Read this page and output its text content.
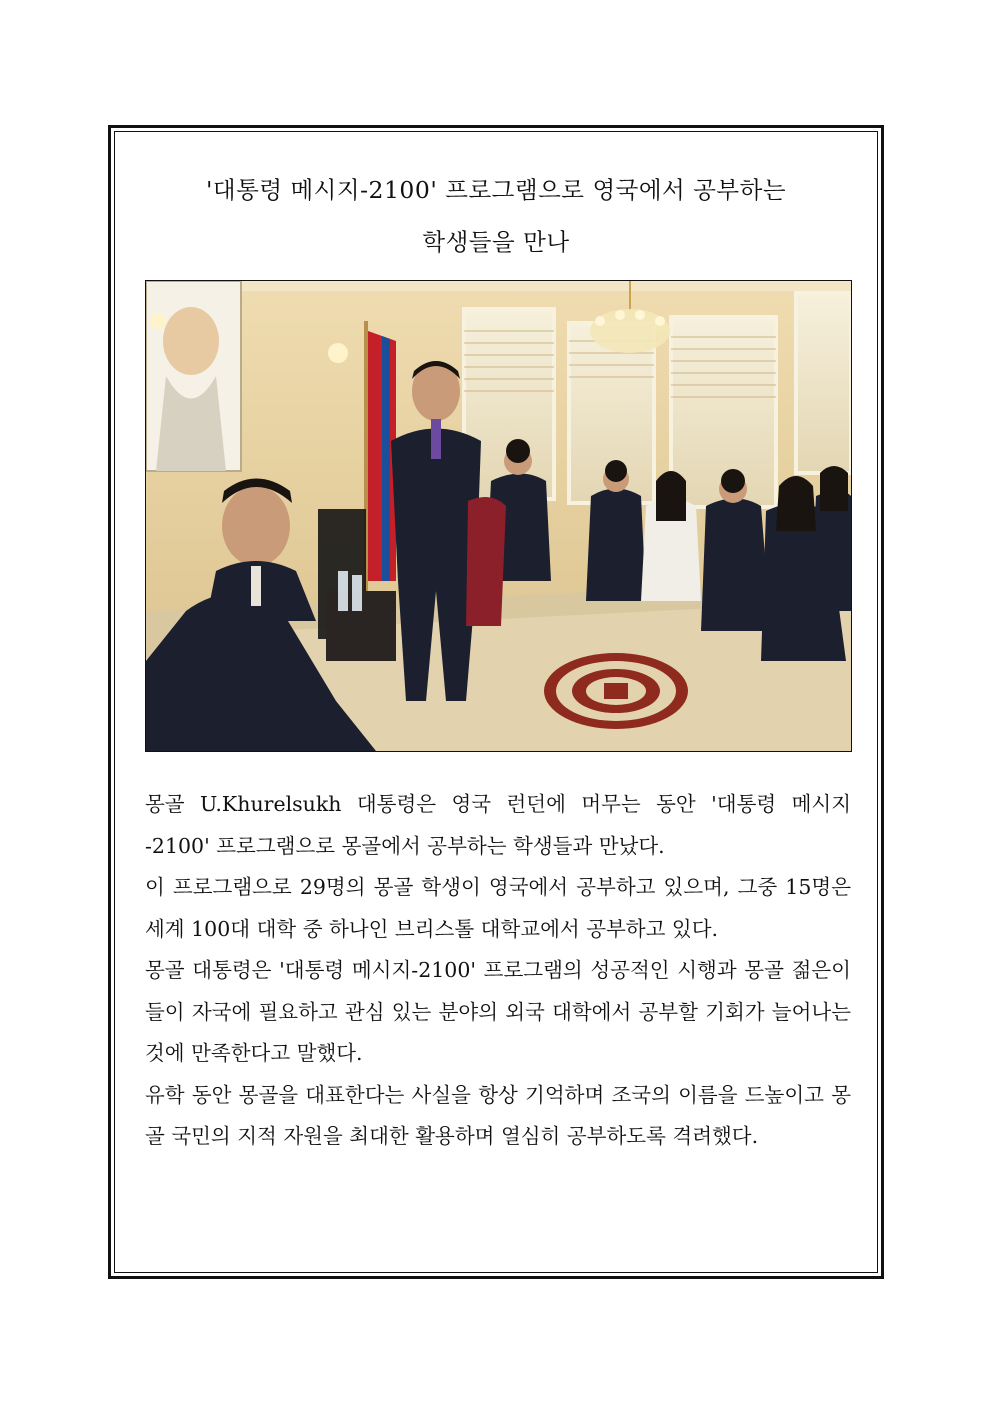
'대통령 메시지-2100' 프로그램으로 영국에서 공부하는
학생들을 만나

몽골 U.Khurelsukh 대통령은 영국 런던에 머무는 동안 '대통령 메시지 -2100' 프로그램으로 몽골에서 공부하는 학생들과 만났다.

이 프로그램으로 29명의 몽골 학생이 영국에서 공부하고 있으며, 그중 15명은 세계 100대 대학 중 하나인 브리스톨 대학교에서 공부하고 있다.

몽골 대통령은 '대통령 메시지-2100' 프로그램의 성공적인 시행과 몽골 젊은이들이 자국에 필요하고 관심 있는 분야의 외국 대학에서 공부할 기회가 늘어나는 것에 만족한다고 말했다.

유학 동안 몽골을 대표한다는 사실을 항상 기억하며 조국의 이름을 드높이고 몽골 국민의 지적 자원을 최대한 활용하며 열심히 공부하도록 격려했다.
